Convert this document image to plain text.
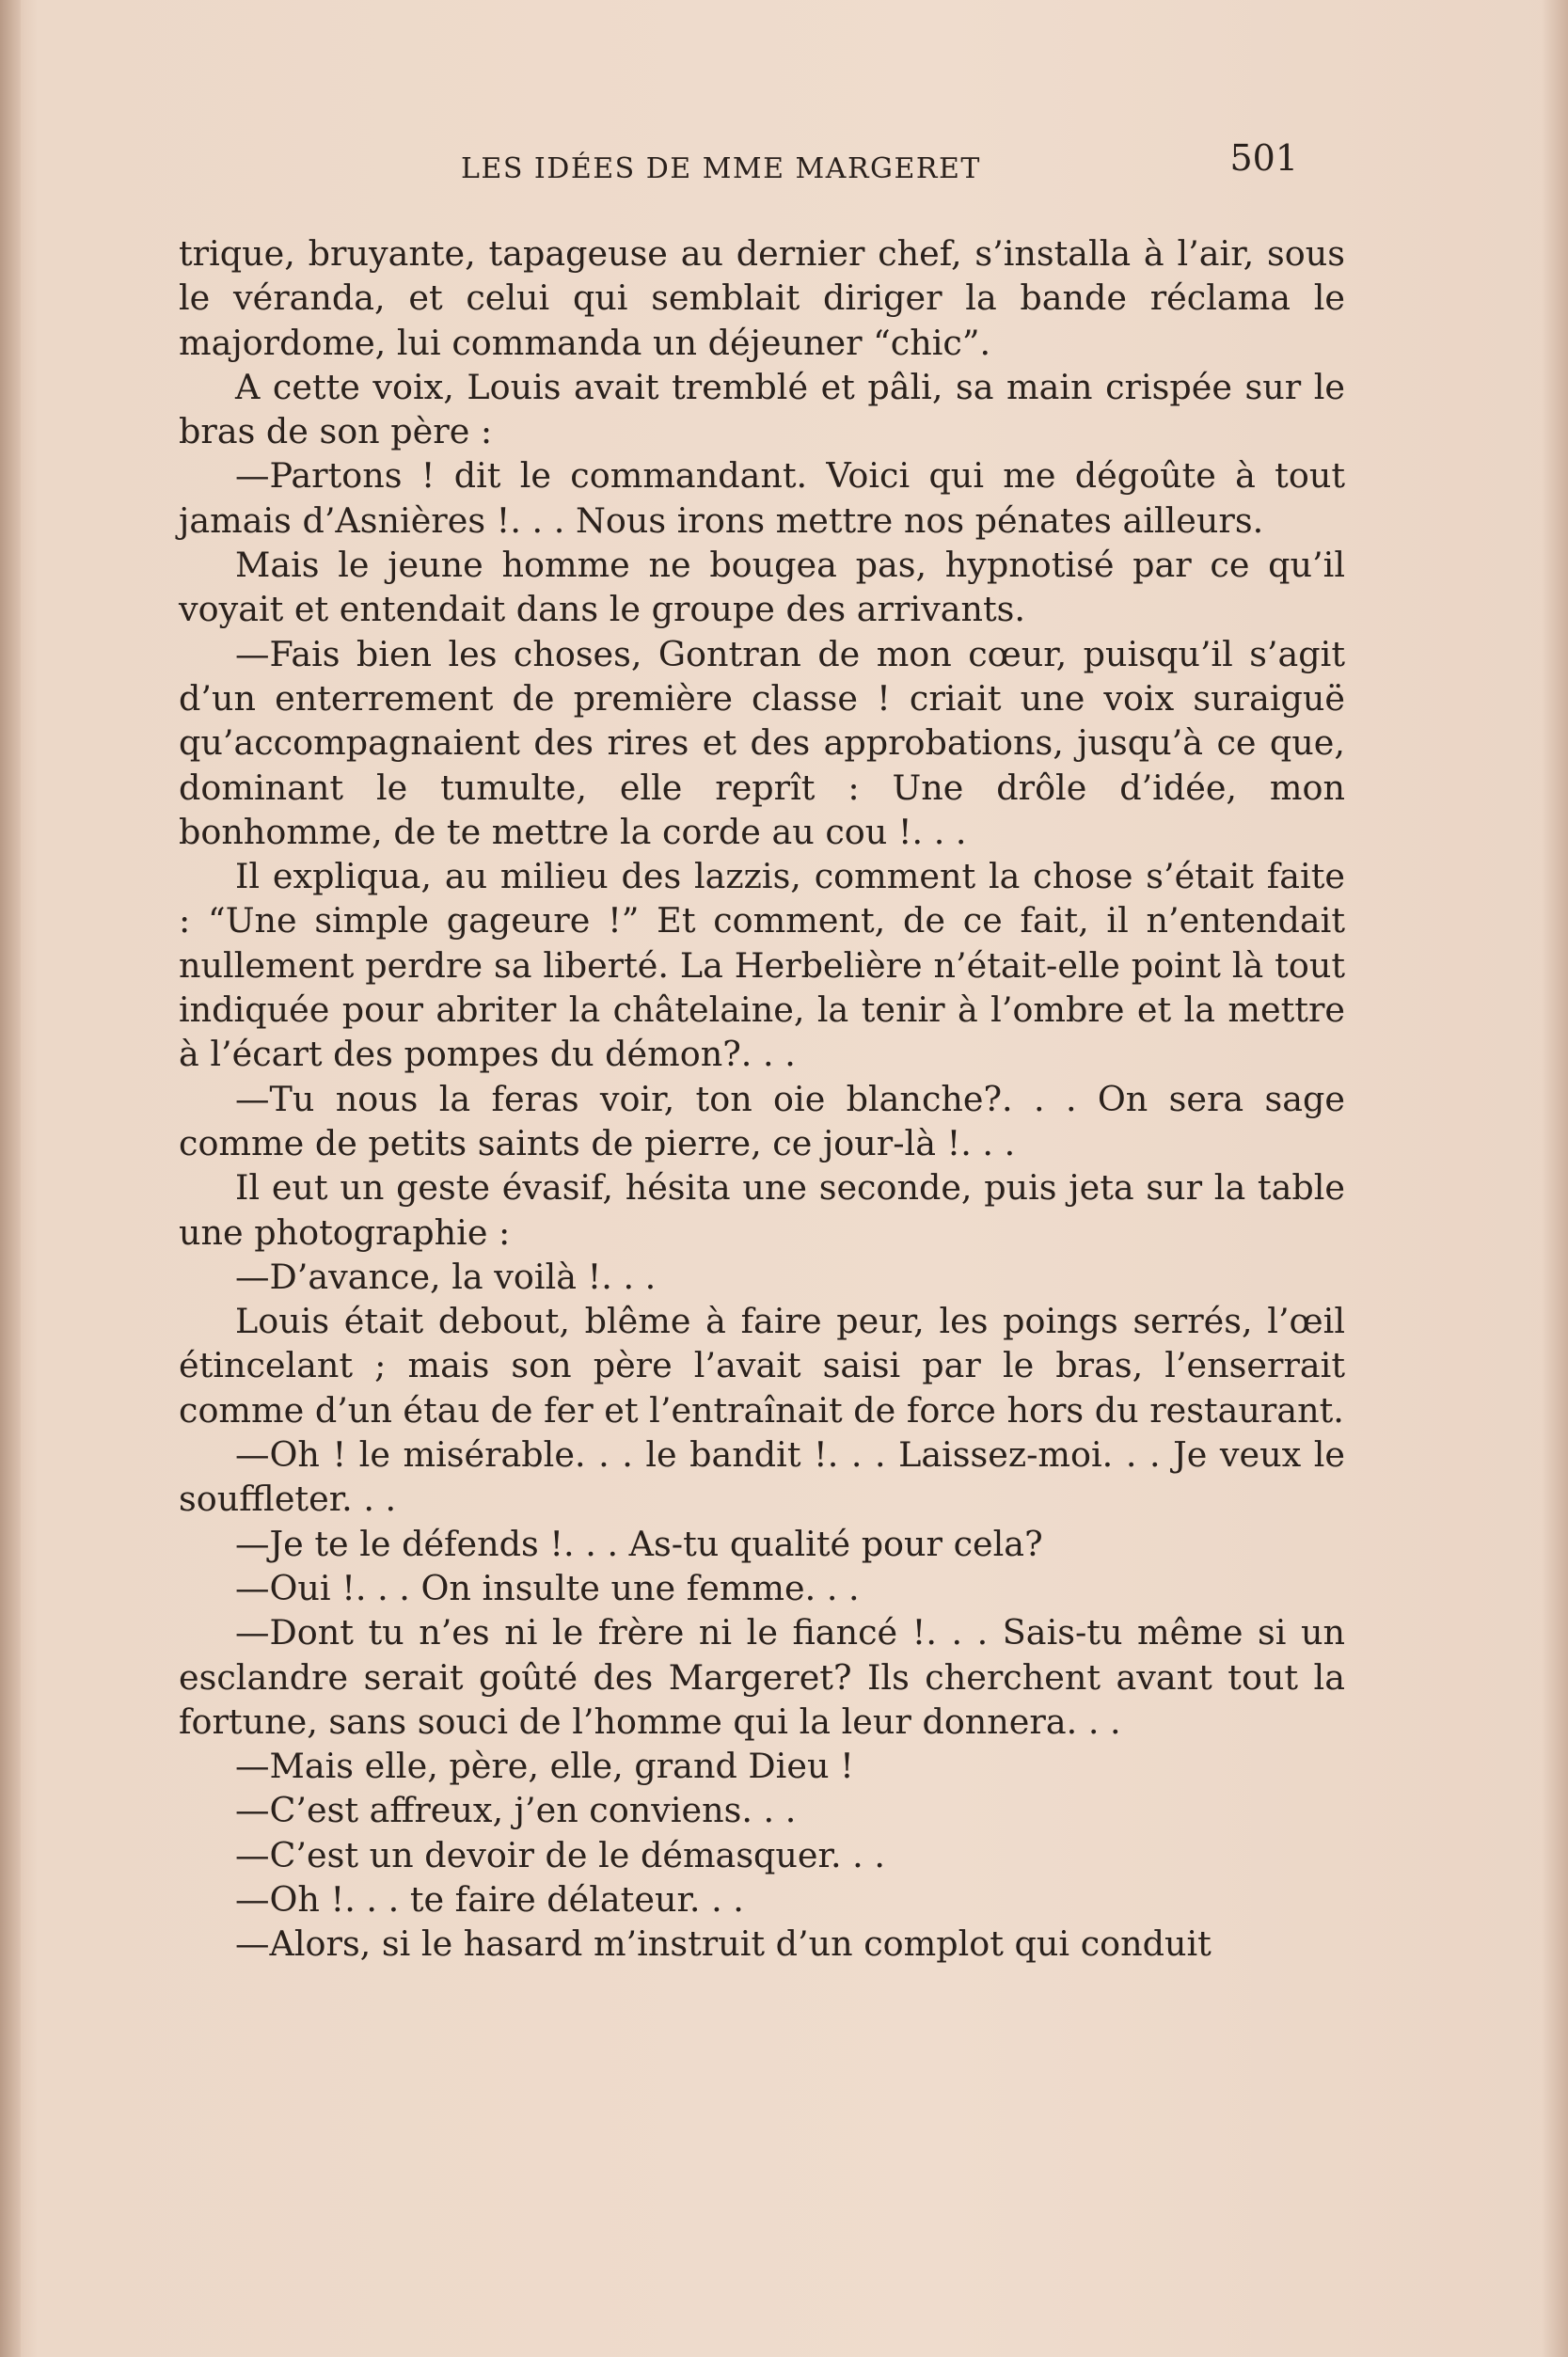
LES IDÉES DE MME MARGERET	501

trique, bruyante, tapageuse au dernier chef, s’installa à l’air, sous le véranda, et celui qui semblait diriger la bande réclama le majordome, lui commanda un déjeuner “chic”.

A cette voix, Louis avait tremblé et pâli, sa main crispée sur le bras de son père :

—Partons ! dit le commandant. Voici qui me dégoûte à tout jamais d’Asnières !. . . Nous irons mettre nos pénates ailleurs.

Mais le jeune homme ne bougea pas, hypnotisé par ce qu’il voyait et entendait dans le groupe des arrivants.

—Fais bien les choses, Gontran de mon cœur, puisqu’il s’agit d’un enterrement de première classe ! criait une voix suraiguë qu’accompagnaient des rires et des approbations, jusqu’à ce que, dominant le tumulte, elle reprît : Une drôle d’idée, mon bonhomme, de te mettre la corde au cou !. . .

Il expliqua, au milieu des lazzis, comment la chose s’était faite : “Une simple gageure !” Et comment, de ce fait, il n’entendait nullement perdre sa liberté. La Herbelière n’était-elle point là tout indiquée pour abriter la châtelaine, la tenir à l’ombre et la mettre à l’écart des pompes du démon?. . .

—Tu nous la feras voir, ton oie blanche?. . . On sera sage comme de petits saints de pierre, ce jour-là !. . .

Il eut un geste évasif, hésita une seconde, puis jeta sur la table une photographie :

—D’avance, la voilà !. . .

Louis était debout, blême à faire peur, les poings serrés, l’œil étincelant ; mais son père l’avait saisi par le bras, l’enserrait comme d’un étau de fer et l’entraînait de force hors du restaurant.

—Oh ! le misérable. . . le bandit !. . . Laissez-moi. . . Je veux le souffleter. . .

—Je te le défends !. . . As-tu qualité pour cela?

—Oui !. . . On insulte une femme. . .

—Dont tu n’es ni le frère ni le fiancé !. . . Sais-tu même si un esclandre serait goûté des Margeret? Ils cherchent avant tout la fortune, sans souci de l’homme qui la leur donnera. . .

—Mais elle, père, elle, grand Dieu !

—C’est affreux, j’en conviens. . .

—C’est un devoir de le démasquer. . .

—Oh !. . . te faire délateur. . .

—Alors, si le hasard m’instruit d’un complot qui conduit
